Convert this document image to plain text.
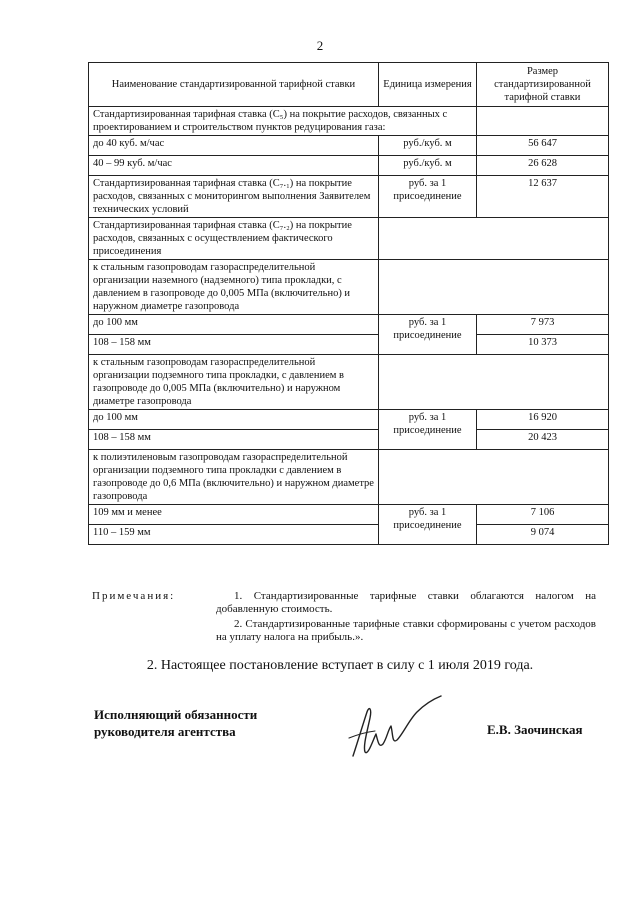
2
Наименование стандартизированной тарифной ставки	Единица измерения	Размер стандартизированной тарифной ставки
Стандартизированная тарифная ставка (С₅) на покрытие расходов, связанных с проектированием и строительством пунктов редуцирования газа:		
до 40 куб. м/час	руб./куб. м	56 647
40 – 99 куб. м/час	руб./куб. м	26 628
Стандартизированная тарифная ставка (С₇.₁) на покрытие расходов, связанных с мониторингом выполнения Заявителем технических условий	руб. за 1 присоединение	12 637
Стандартизированная тарифная ставка (С₇.₂) на покрытие расходов, связанных с осуществлением фактического присоединения		
к стальным газопроводам газораспределительной организации наземного (надземного) типа прокладки, с давлением в газопроводе до 0,005 МПа (включительно) и наружном диаметре газопровода		
до 100 мм	руб. за 1 присоединение	7 973
108 – 158 мм		10 373
к стальным газопроводам газораспределительной организации подземного типа прокладки, с давлением в газопроводе до 0,005 МПа (включительно) и наружном диаметре газопровода		
до 100 мм	руб. за 1 присоединение	16 920
108 – 158 мм		20 423
к полиэтиленовым газопроводам газораспределительной организации подземного типа прокладки с давлением в газопроводе до 0,6 МПа (включительно) и наружном диаметре газопровода		
109 мм и менее	руб. за 1 присоединение	7 106
110 – 159 мм		9 074
Примечания:	1. Стандартизированные тарифные ставки облагаются налогом на добавленную стоимость.

2. Стандартизированные тарифные ставки сформированы с учетом расходов на уплату налога на прибыль.».

2. Настоящее постановление вступает в силу с 1 июля 2019 года.
Исполняющий обязанности
руководителя агентства	Е.В. Заочинская
